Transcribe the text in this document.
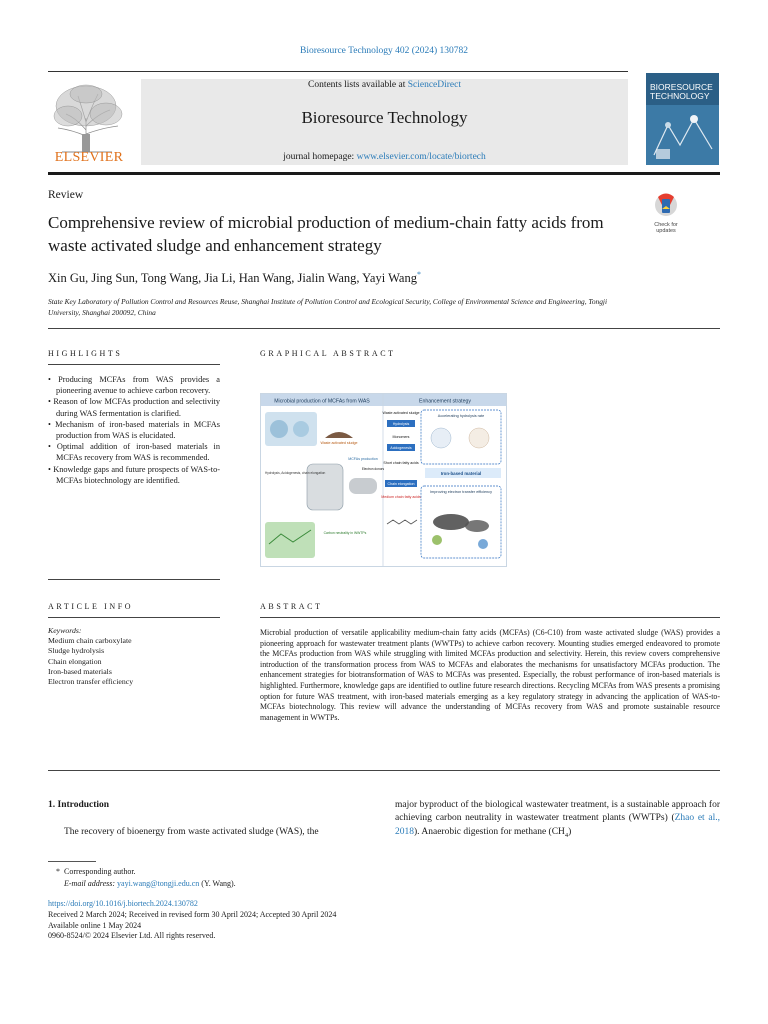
Bioresource Technology 402 (2024) 130782
ELSEVIER
Contents lists available at ScienceDirect
Bioresource Technology
journal homepage: www.elsevier.com/locate/biortech
BIORESOURCE
TECHNOLOGY
Review
Comprehensive review of microbial production of medium-chain fatty acids from waste activated sludge and enhancement strategy
Check for
updates
Xin Gu, Jing Sun, Tong Wang, Jia Li, Han Wang, Jialin Wang, Yayi Wang*
State Key Laboratory of Pollution Control and Resources Reuse, Shanghai Institute of Pollution Control and Ecological Security, College of Environmental Science and Engineering, Tongji University, Shanghai 200092, China
HIGHLIGHTS	GRAPHICAL ABSTRACT
• Producing MCFAs from WAS provides a pioneering avenue to achieve carbon recovery.
• Reason of low MCFAs production and selectivity during WAS fermentation is clarified.
• Mechanism of iron-based materials in MCFAs production from WAS is elucidated.
• Optimal addition of iron-based materials in MCFAs recovery from WAS is recommended.
• Knowledge gaps and future prospects of WAS-to-MCFAs biotechnology are identified.
Microbial production of MCFAs from WAS	Enhancement strategy
Waste activated sludge
MCFAs production
Hydrolysis, Acidogenesis, chain elongation
Carbon neutrality in WWTPs
Waste activated sludge
Hydrolysis
Monomers
Acidogenesis
Short chain fatty acids
Electron donors
Chain elongation
Medium chain fatty acids
Accelerating hydrolysis rate
Iron-based material
Improving electron transfer efficiency
ARTICLE INFO	ABSTRACT
Keywords:
Medium chain carboxylate
Sludge hydrolysis
Chain elongation
Iron-based materials
Electron transfer efficiency
Microbial production of versatile applicability medium-chain fatty acids (MCFAs) (C6-C10) from waste activated sludge (WAS) provides a pioneering approach for wastewater treatment plants (WWTPs) to achieve carbon recovery. Mounting studies emerged endeavored to promote the MCFAs production from WAS while struggling with limited MCFAs production and selectivity. Herein, this review covers comprehensive introduction of the transformation process from WAS to MCFAs and elaborates the mechanisms for unsatisfactory MCFAs production. The enhancement strategies for biotransformation of WAS to MCFAs was presented. Especially, the robust performance of iron-based materials is highlighted. Furthermore, knowledge gaps are identified to outline future research directions. Recycling MCFAs from WAS presents a promising option for future WAS treatment, with iron-based materials emerging as a key regulatory strategy in advancing the application of WAS-to-MCFAs biotechnology. This review will advance the understanding of MCFAs recovery from WAS and promote sustainable resource management in WWTPs.
1. Introduction
The recovery of bioenergy from waste activated sludge (WAS), the
major byproduct of the biological wastewater treatment, is a sustainable approach for achieving carbon neutrality in wastewater treatment plants (WWTPs) (Zhao et al., 2018). Anaerobic digestion for methane $(CH_4)$
* Corresponding author.
E-mail address: yayi.wang@tongji.edu.cn (Y. Wang).
https://doi.org/10.1016/j.biortech.2024.130782
Received 2 March 2024; Received in revised form 30 April 2024; Accepted 30 April 2024
Available online 1 May 2024
0960-8524/© 2024 Elsevier Ltd. All rights reserved.
